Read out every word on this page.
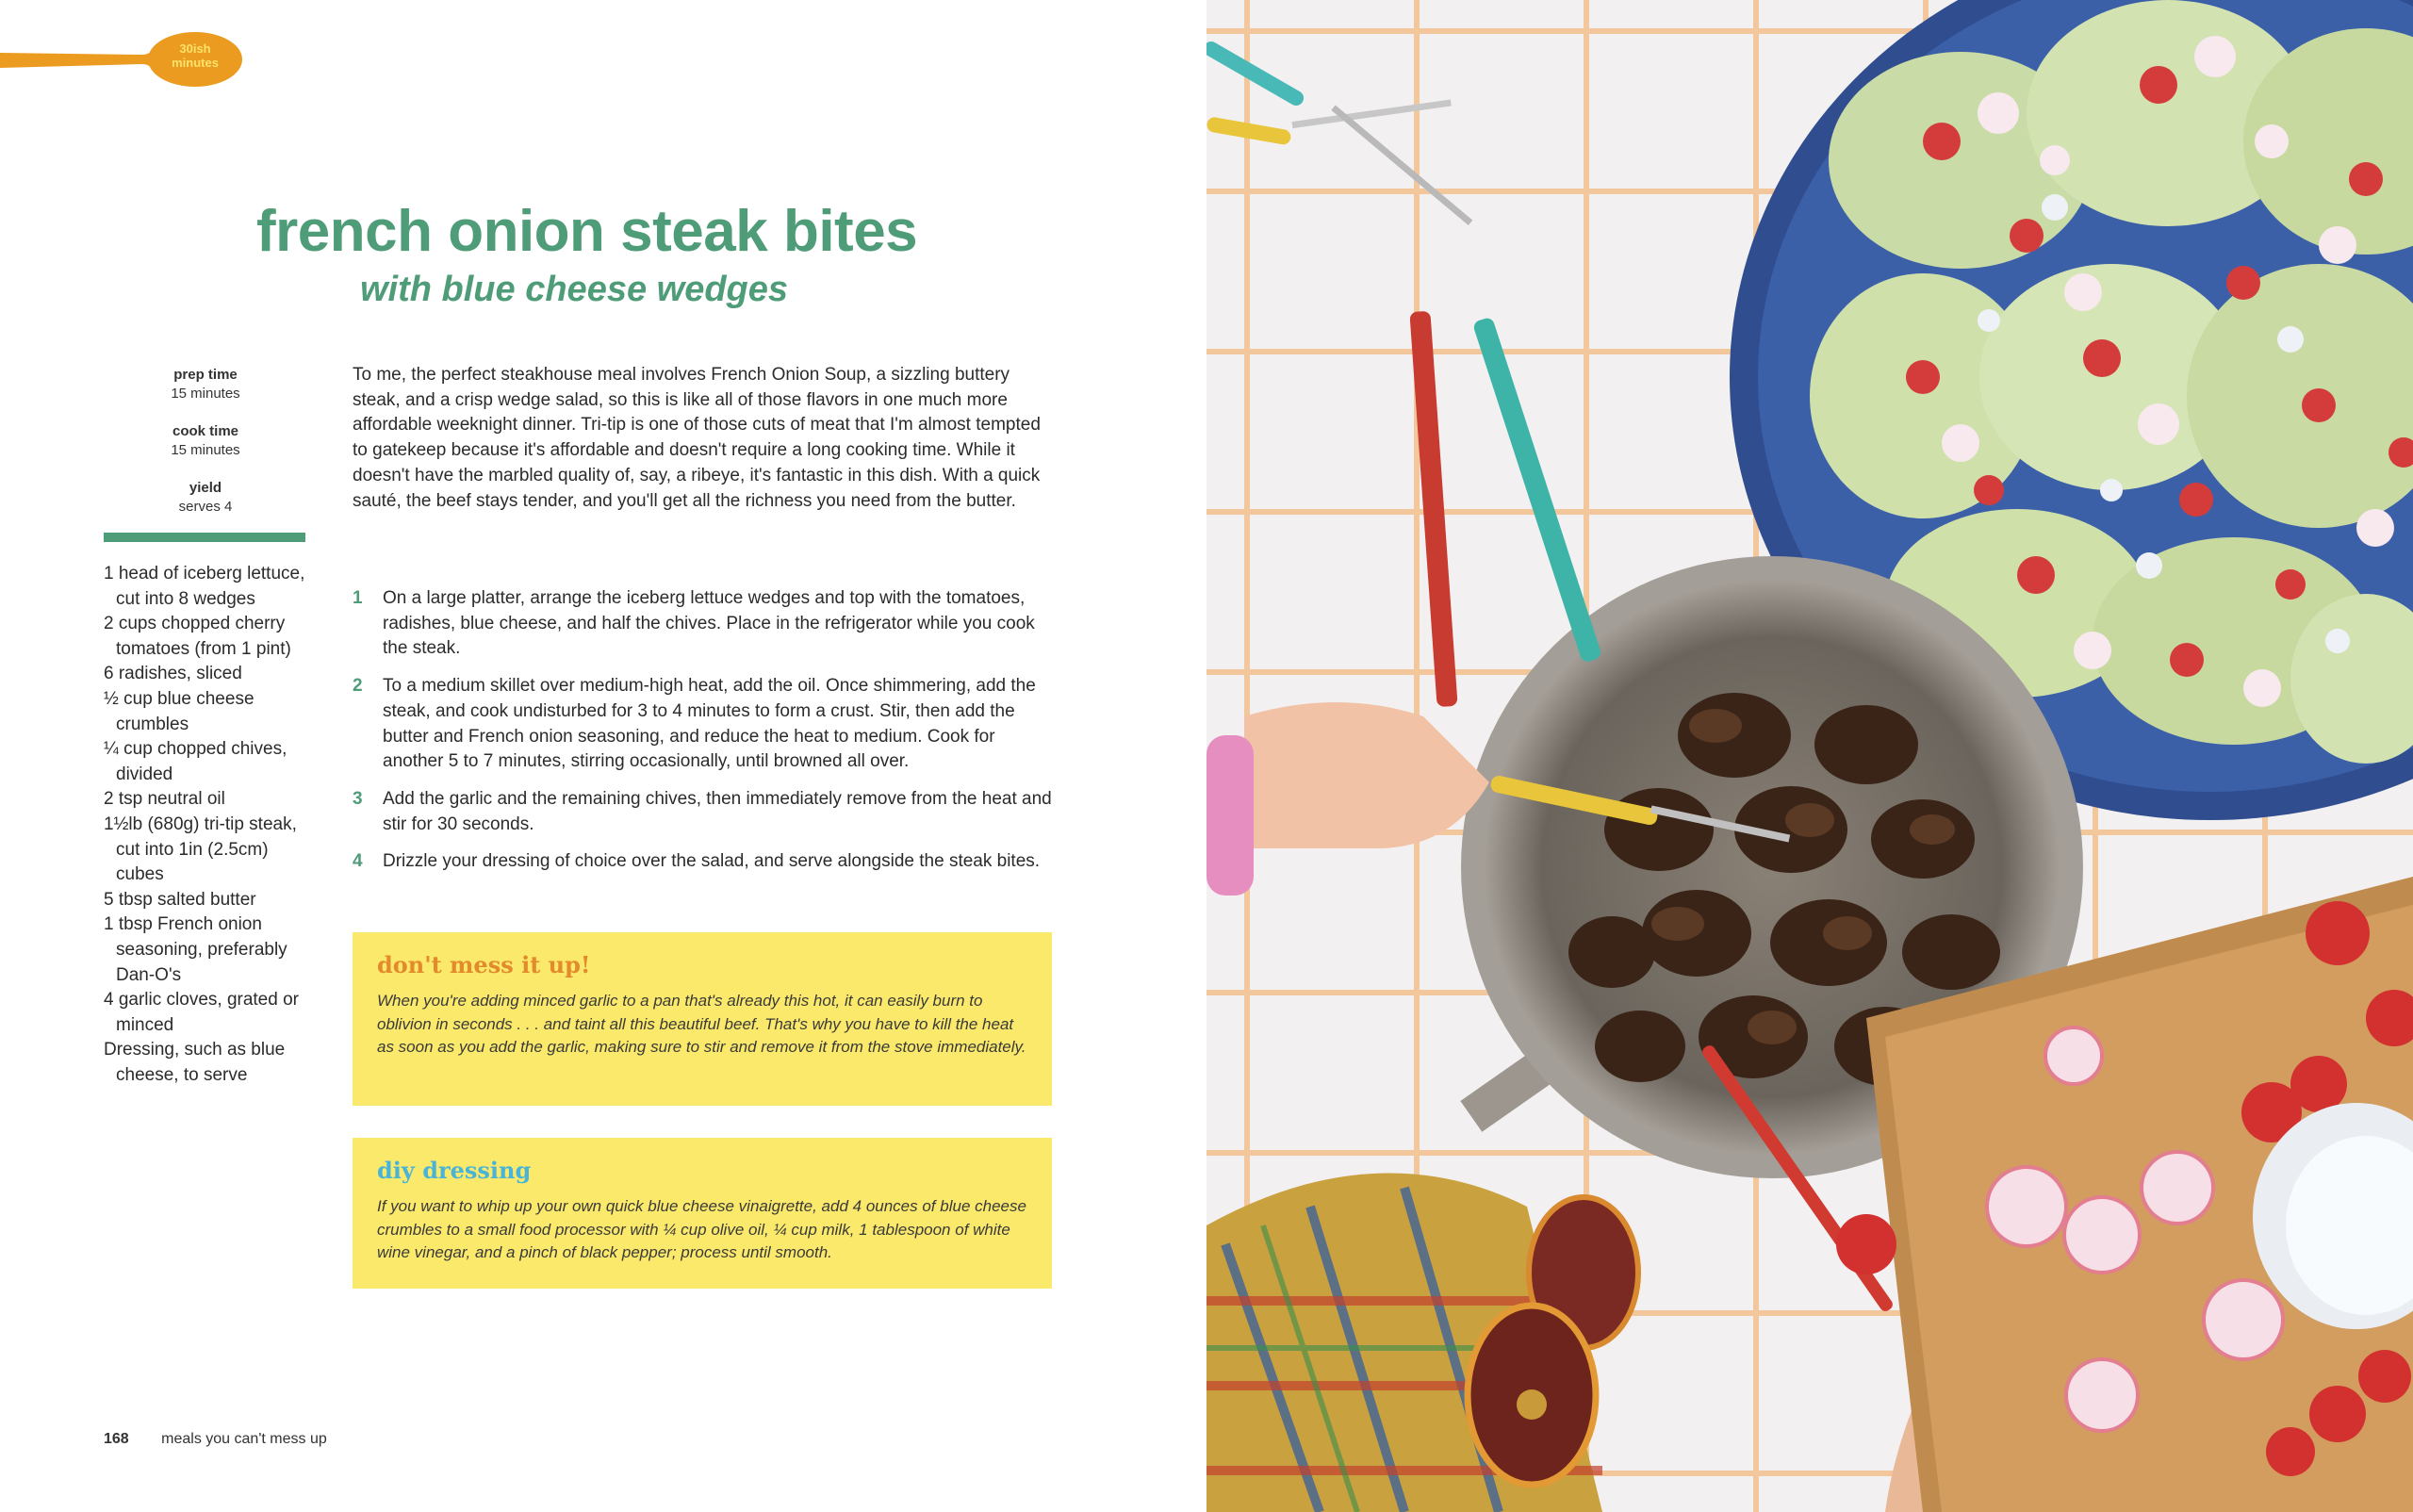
30ish
minutes
french onion steak bites
with blue cheese wedges
prep time
15 minutes
cook time
15 minutes
yield
serves 4
1 head of iceberg lettuce, cut into 8 wedges
2 cups chopped cherry tomatoes (from 1 pint)
6 radishes, sliced
½ cup blue cheese crumbles
¼ cup chopped chives, divided
2 tsp neutral oil
1½lb (680g) tri-tip steak, cut into 1in (2.5cm) cubes
5 tbsp salted butter
1 tbsp French onion seasoning, preferably Dan-O's
4 garlic cloves, grated or minced
Dressing, such as blue cheese, to serve

To me, the perfect steakhouse meal involves French Onion Soup, a sizzling buttery steak, and a crisp wedge salad, so this is like all of those flavors in one much more affordable weeknight dinner. Tri-tip is one of those cuts of meat that I'm almost tempted to gatekeep because it's affordable and doesn't require a long cooking time. While it doesn't have the marbled quality of, say, a ribeye, it's fantastic in this dish. With a quick sauté, the beef stays tender, and you'll get all the richness you need from the butter.

1 On a large platter, arrange the iceberg lettuce wedges and top with the tomatoes, radishes, blue cheese, and half the chives. Place in the refrigerator while you cook the steak.
2 To a medium skillet over medium-high heat, add the oil. Once shimmering, add the steak, and cook undisturbed for 3 to 4 minutes to form a crust. Stir, then add the butter and French onion seasoning, and reduce the heat to medium. Cook for another 5 to 7 minutes, stirring occasionally, until browned all over.
3 Add the garlic and the remaining chives, then immediately remove from the heat and stir for 30 seconds.
4 Drizzle your dressing of choice over the salad, and serve alongside the steak bites.
don't mess it up!
When you're adding minced garlic to a pan that's already this hot, it can easily burn to oblivion in seconds . . . and taint all this beautiful beef. That's why you have to kill the heat as soon as you add the garlic, making sure to stir and remove it from the stove immediately.
diy dressing
If you want to whip up your own quick blue cheese vinaigrette, add 4 ounces of blue cheese crumbles to a small food processor with ¼ cup olive oil, ¼ cup milk, 1 tablespoon of white wine vinegar, and a pinch of black pepper; process until smooth.
168 meals you can't mess up
